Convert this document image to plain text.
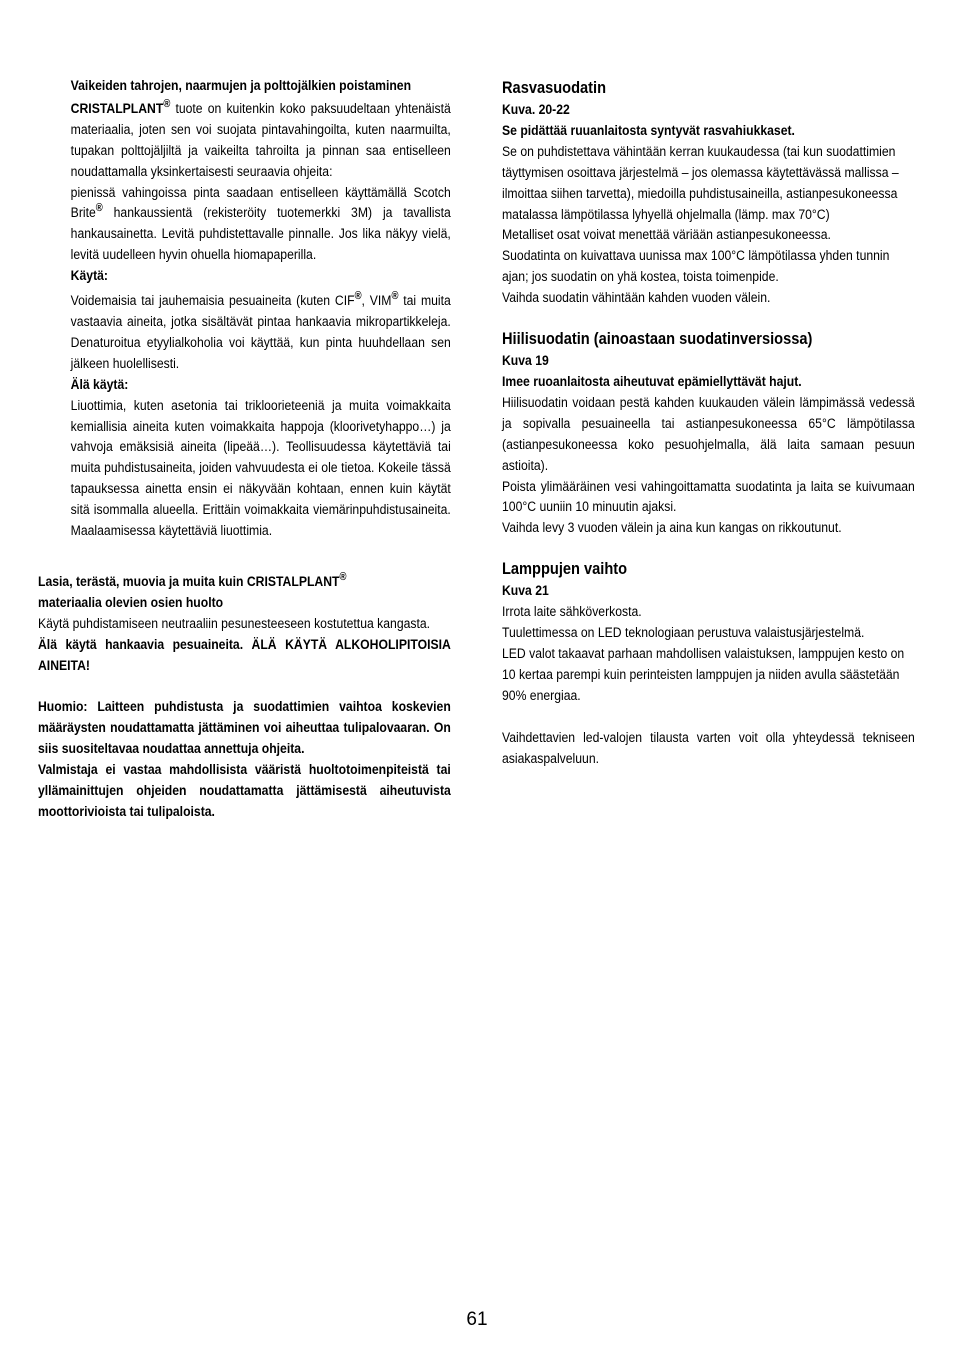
Vaikeiden tahrojen, naarmujen ja polttojälkien poistaminen

CRISTALPLANT® tuote on kuitenkin koko paksuudeltaan yhtenäistä materiaalia, joten sen voi suojata pintavahingoilta, kuten naarmuilta, tupakan polttojäljiltä ja vaikeilta tahroilta ja pinnan saa entiselleen noudattamalla yksinkertaisesti seuraavia ohjeita:

pienissä vahingoissa pinta saadaan entiselleen käyttämällä Scotch Brite® hankaussientä (rekisteröity tuotemerkki 3M) ja tavallista hankausainetta. Levitä puhdistettavalle pinnalle. Jos lika näkyy vielä, levitä uudelleen hyvin ohuella hiomapaperilla.

Käytä:

Voidemaisia tai jauhemaisia pesuaineita (kuten CIF®, VIM® tai muita vastaavia aineita, jotka sisältävät pintaa hankaavia mikropartikkeleja. Denaturoitua etyylialkoholia voi käyttää, kun pinta huuhdellaan sen jälkeen huolellisesti.

Älä käytä:

Liuottimia, kuten asetonia tai trikloorieteeniä ja muita voimakkaita kemiallisia aineita kuten voimakkaita happoja (kloorivetyhappo…) ja vahvoja emäksisiä aineita (lipeää…). Teollisuudessa käytettäviä tai muita puhdistusaineita, joiden vahvuudesta ei ole tietoa. Kokeile tässä tapauksessa ainetta ensin ei näkyvään kohtaan, ennen kuin käytät sitä isommalla alueella. Erittäin voimakkaita viemärinpuhdistusaineita. Maalaamisessa käytettäviä liuottimia.

Lasia, terästä, muovia ja muita kuin CRISTALPLANT®
materiaalia olevien osien huolto

Käytä puhdistamiseen neutraaliin pesunesteeseen kostutettua kangasta.

Älä käytä hankaavia pesuaineita. ÄLÄ KÄYTÄ ALKOHOLIPITOISIA AINEITA!

Huomio: Laitteen puhdistusta ja suodattimien vaihtoa koskevien määräysten noudattamatta jättäminen voi aiheuttaa tulipalovaaran. On siis suositeltavaa noudattaa annettuja ohjeita.

Valmistaja ei vastaa mahdollisista vääristä huoltotoimenpiteistä tai yllämainittujen ohjeiden noudattamatta jättämisestä aiheutuvista moottorivioista tai tulipaloista.

Rasvasuodatin

Kuva. 20-22

Se pidättää ruuanlaitosta syntyvät rasvahiukkaset.

Se on puhdistettava vähintään kerran kuukaudessa (tai kun suodattimien täyttymisen osoittava järjestelmä – jos olemassa käytettävässä mallissa – ilmoittaa siihen tarvetta), miedoilla puhdistusaineilla, astianpesukoneessa matalassa lämpötilassa lyhyellä ohjelmalla (lämp. max 70°C)

Metalliset osat voivat menettää väriään astianpesukoneessa.

Suodatinta on kuivattava uunissa max 100°C lämpötilassa yhden tunnin ajan; jos suodatin on yhä kostea, toista toimenpide.

Vaihda suodatin vähintään kahden vuoden välein.

Hiilisuodatin (ainoastaan suodatinversiossa)

Kuva 19

Imee ruoanlaitosta aiheutuvat epämiellyttävät hajut.

Hiilisuodatin voidaan pestä kahden kuukauden välein lämpimässä vedessä ja sopivalla pesuaineella tai astianpesukoneessa 65°C lämpötilassa (astianpesukoneessa koko pesuohjelmalla, älä laita samaan pesuun astioita).

Poista ylimääräinen vesi vahingoittamatta suodatinta ja laita se kuivumaan 100°C uuniin 10 minuutin ajaksi.

Vaihda levy 3 vuoden välein ja aina kun kangas on rikkoutunut.

Lamppujen vaihto

Kuva 21

Irrota laite sähköverkosta.

Tuulettimessa on LED teknologiaan perustuva valaistusjärjestelmä.

LED valot takaavat parhaan mahdollisen valaistuksen, lamppujen kesto on 10 kertaa parempi kuin perinteisten lamppujen ja niiden avulla säästetään 90% energiaa.

Vaihdettavien led-valojen tilausta varten voit olla yhteydessä tekniseen asiakaspalveluun.

61
